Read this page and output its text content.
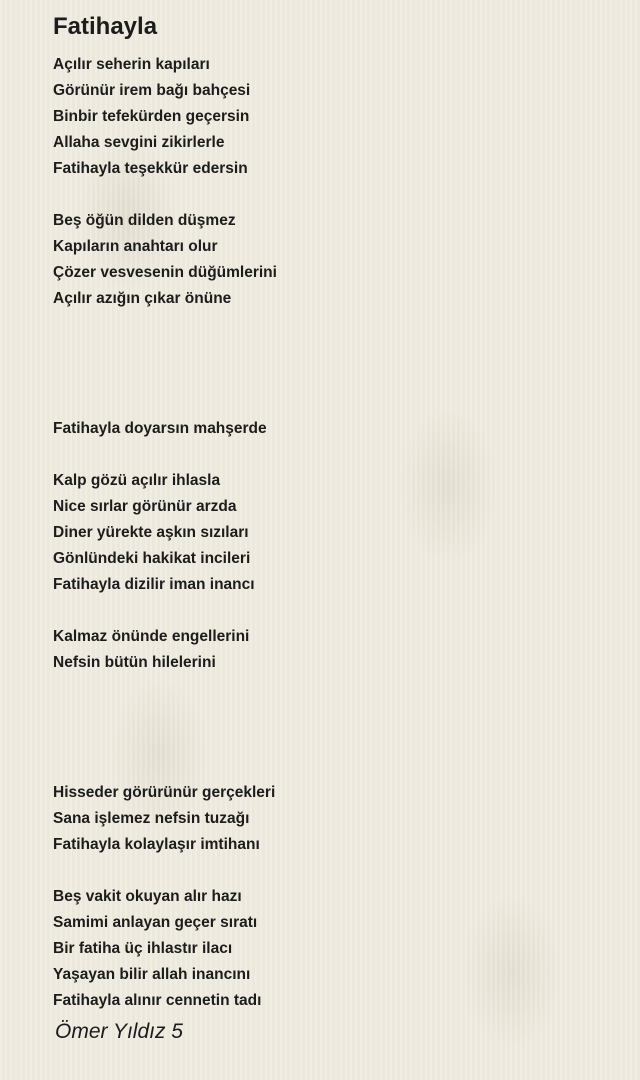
Fatihayla
Açılır seherin kapıları
Görünür irem bağı bahçesi
Binbir tefekürden geçersin
Allaha sevgini zikirlerle
Fatihayla teşekkür edersin
Beş öğün dilden düşmez
Kapıların anahtarı olur
Çözer vesvesenin düğümlerini
Açılır azığın çıkar önüne
Fatihayla doyarsın mahşerde
Kalp gözü açılır ihlasla
Nice sırlar görünür arzda
Diner yürekte aşkın sızıları
Gönlündeki hakikat incileri
Fatihayla dizilir iman inancı
Kalmaz önünde engellerini
Nefsin bütün hilelerini
Hisseder görürünür gerçekleri
Sana işlemez nefsin tuzağı
Fatihayla kolaylaşır imtihanı
Beş vakit okuyan alır hazı
Samimi anlayan geçer sıratı
Bir fatiha üç ihlastır ilacı
Yaşayan bilir allah inancını
Fatihayla alınır cennetin tadı
Ömer Yıldız 5
